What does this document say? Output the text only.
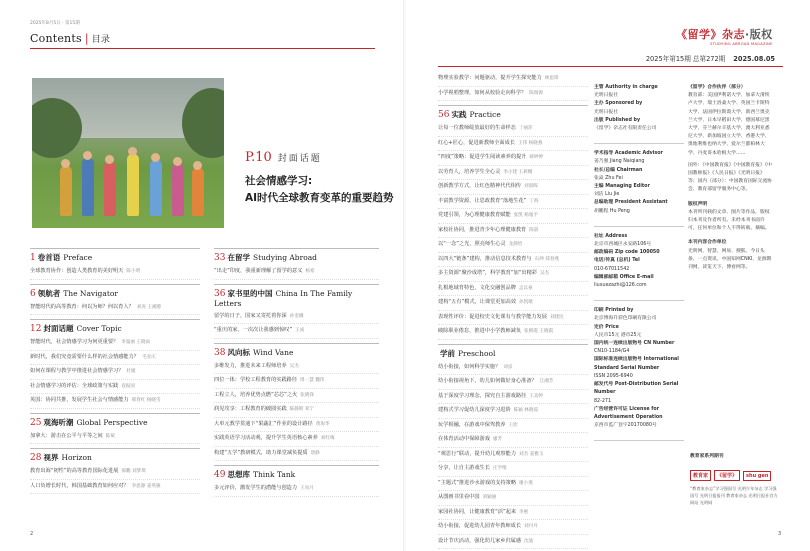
2025年8月5日 · 第15期
Contents | 目录
P.10 封面话题
社会情感学习:
AI时代全球教育变革的重要趋势
1 卷首语 Preface
全球教育协作：创造人类教育的美好明天 陈小明
6 领航者 The Navigator
智能时代的高等教育：何以为师？何以育人？ 刘涛 王湘蓉
12 封面话题 Cover Topic
智能时代，社会情感学习为何更重要？ 李曼丽 王晓雨
新时代，我们究竟需要什么样的社会情感能力？ 毛亚庆
如何在课程与教学中推进社会情感学习？ 杜媛
社会情感学习的评估：全球政策与实践 袁振国
英国：协同共推，发展学生社会与情感能力 邢春红 杨晓雪
25 观海听潮 Global Perspective
加拿大：游击在公平与平等之间 陈斌
28 视界 Horizon
教育出海“韧性”的高等教育国际化进展 郝鹏 刘梦琪
人口负增长时代，韩国基础教育如何应对？ 李思源 姜英敏
33 在留学 Studying Abroad
“出走”印度，我重新理解了留学的意义 杨希
36 家书里的中国 China In The Family Letters
留学的日子，国家又寄托着你深 孙金娥
“重庆的家，一次次让我感到惊叹” 王成
38 风向标 Wind Vane
多维发力，推进未来工程师培养 吴杰
四位一体：学校工程教育的实践路径 周一慧 魏伟
工程立人，培养优势点燃“芯芯”之火 张晓锋
润见攻享：工程教育的破圆实践 陈静斯 邓宁
大单元教学贯通下“果蔬汇”作业的设计路径 黄海华
实践英语学习活动观，提升学生英语核心素养 刘红梅
构建“五学”教研模式，助力课堂减负提质 唐静
49 思想库 Think Tank
多元评价，激发学生的潜能与创造力 王凤月
2
《留学》杂志·版权
STUDYING ABROAD MAGAZINE
2025年第15期 总第272期 2025.08.05
物理实验教学：问题驱动，提升学生探究能力 林思锋
小学视唱整理，如何从校验走向科学？ 陈瑞源
56 实践 Practice
让每一位教师绽放最好的生命样态 丁丽萍
红心+匠心，促进新教师全面成长 王伟 杨晓燕
“四度”策略：促进学生阅读素养的提升 韩婷婷
以劳育人，培养学生全心灵 李小建 王莉娜
创新教学方式，让红色精神代代相传 刘晨晖
丰富教学资源，让思政教育“落地生花” 丁海
党建引领，为心理健康教育赋能 张凯 杨逸平
家校社协同，推进青少年心理健康教育 陈晨
以“一念”之光，照亮师生心灵 龙静怡
以四大“链条”建构，推动信息技术教育与 石坤 郑春燕
多主资源“聚沙成塔”，科学教育“加”出精彩 吴杰
扎根地域育特色，文化交融创品牌 孟以豪
建构“五有”模式，让课堂更加高效 孙凯歌
表现性评价：促进校史文化课有与教学能力发展 刘建民
破除职业倦怠，推进中小学教师减负 张朝霞 王晓霞
学前 Preschool
幼小衔接，如何科学实施？ 刘彦
幼小衔接视角下，幼儿如何做好身心准备？ 江湘芳
基于深度学习理念，探究自主游戏路径 王美婷
建构式学习促幼儿深度学习进阶 陈颖 林晓茹
玩学相融，在游戏中保驾教养 王欣
在体育活动中保障游戏 廖芳
“观思行”联动，提升幼儿观察能力 刘杰 姜雅玉
分享，让自主游戏生长 庄学维
“主题式”推进沙水游戏的支持策略 谢小燕
从图画书里看中国 刘颖丽
家园社协同，让健康教育“活”起来 李惠
幼小衔接，促进幼儿园青年教师成长 刘丹丹
设计节庆活动，强化幼儿家乡归属感 沈迪
主管 Authority in charge
光明日报社
主办 Sponsored by
光明日报社
出版 Published by
《留学》杂志社有限责任公司
学术指导 Academic Advisor
姜乃强 Jiang Naiqiang
社长/总编 Chairman
张焱 Zhu Fei
主编 Managing Editor
刘洁 Liu Jie
总编助理 President Assistant
胡鹏程 Hu Peng
社址 Address
北京市西城区永安路106号
邮政编码 Zip code 100050
电话/传真 (总机) Tel
010-67011542
编辑部邮箱 Office E-mail
liuxuezazhi@126.com
印刷 Printed by
北京博海升彩色印刷有限公司
定价 Price
人民币15元 港币25元
国内统一连续出版物号 CN Number
CN10-1184/G4
国际标准连续出版物号 International Standard Serial Number
ISSN 2095-6940
邮发代号 Post-Distribution Serial Number
82-271
广告经营许可证 License for Advertisement Operation
京西市监广登字20170080号
《留学》合作伙伴（部分）
教育部：美国伊利诺大学、加拿大滑铁卢大学、瑞士洛桑大学、英国兰卡斯特大学、法国伊拉斯谟大学、新西兰奥克兰大学、日本早稻田大学、德国慕尼黑大学、芬兰赫尔辛基大学、澳大利亚悉尼大学、新加坡国立大学、香港大学、奥地利维也纳大学、爱尔兰都柏林大学、丹麦哥本哈根大学……
国外：《中国教育报》《中国教育报》《中国教师报》《人民日报》《光明日报》等；国内（部分）：中国教育国际交流协会、教育部留学服务中心等。
版权声明
本刊所刊载的文章、图片等作品，版权归本刊及作者所有。未经本刊书面许可，任何单位和个人不得转载、摘编。
本刊内容合作单位
光明网、智慧、网易、搜狐、今日头条、一点资讯、中国知网CNKI、龙源期刊网、读览天下、博看网等。
教育家系列期刊
教育家 《留学》 shu gen
“教育家杂志”学习强国号 光明少年杂志 学习强国号 光明日报报刊 教育家杂志 光明日报社官方网站 光明网
3
